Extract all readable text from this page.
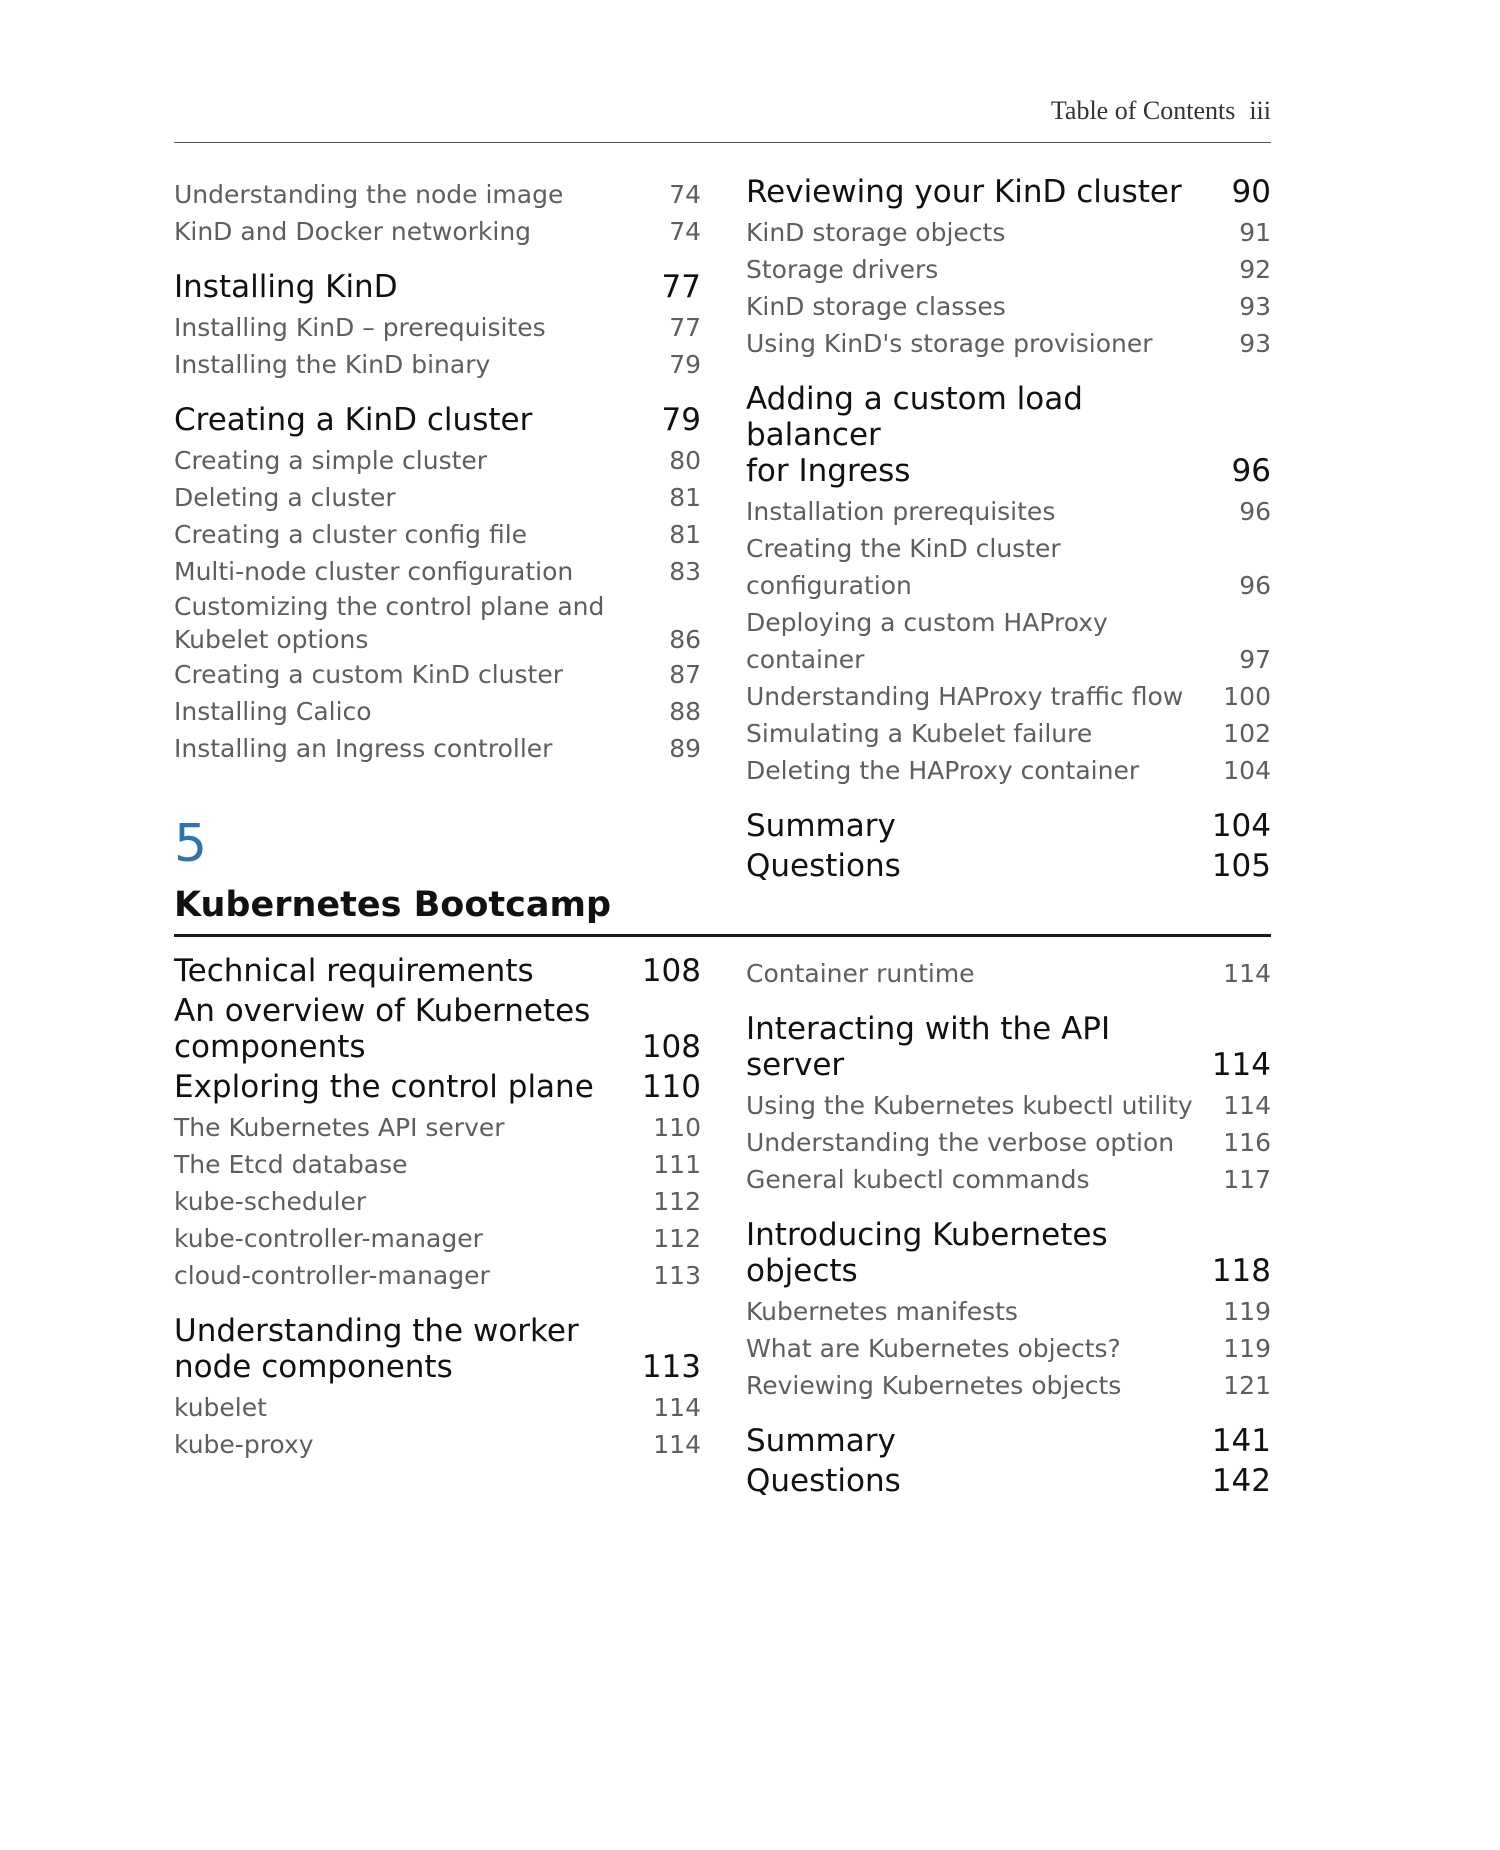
Table of Contents iii
Understanding the node image	74
KinD and Docker networking	74
Installing KinD	77
Installing KinD – prerequisites	77
Installing the KinD binary	79
Creating a KinD cluster	79
Creating a simple cluster	80
Deleting a cluster	81
Creating a cluster config file	81
Multi-node cluster configuration	83
Customizing the control plane and
Kubelet options	86
Creating a custom KinD cluster	87
Installing Calico	88
Installing an Ingress controller	89
Reviewing your KinD cluster	90
KinD storage objects	91
Storage drivers	92
KinD storage classes	93
Using KinD's storage provisioner	93
Adding a custom load balancer
for Ingress	96
Installation prerequisites	96
Creating the KinD cluster configuration	96
Deploying a custom HAProxy container	97
Understanding HAProxy traffic flow	100
Simulating a Kubelet failure	102
Deleting the HAProxy container	104
Summary	104
Questions	105
5
Kubernetes Bootcamp
Technical requirements	108
An overview of Kubernetes
components	108
Exploring the control plane	110
The Kubernetes API server	110
The Etcd database	111
kube-scheduler	112
kube-controller-manager	112
cloud-controller-manager	113
Understanding the worker
node components	113
kubelet	114
kube-proxy	114
Container runtime	114
Interacting with the API server	114
Using the Kubernetes kubectl utility	114
Understanding the verbose option	116
General kubectl commands	117
Introducing Kubernetes objects	118
Kubernetes manifests	119
What are Kubernetes objects?	119
Reviewing Kubernetes objects	121
Summary	141
Questions	142
